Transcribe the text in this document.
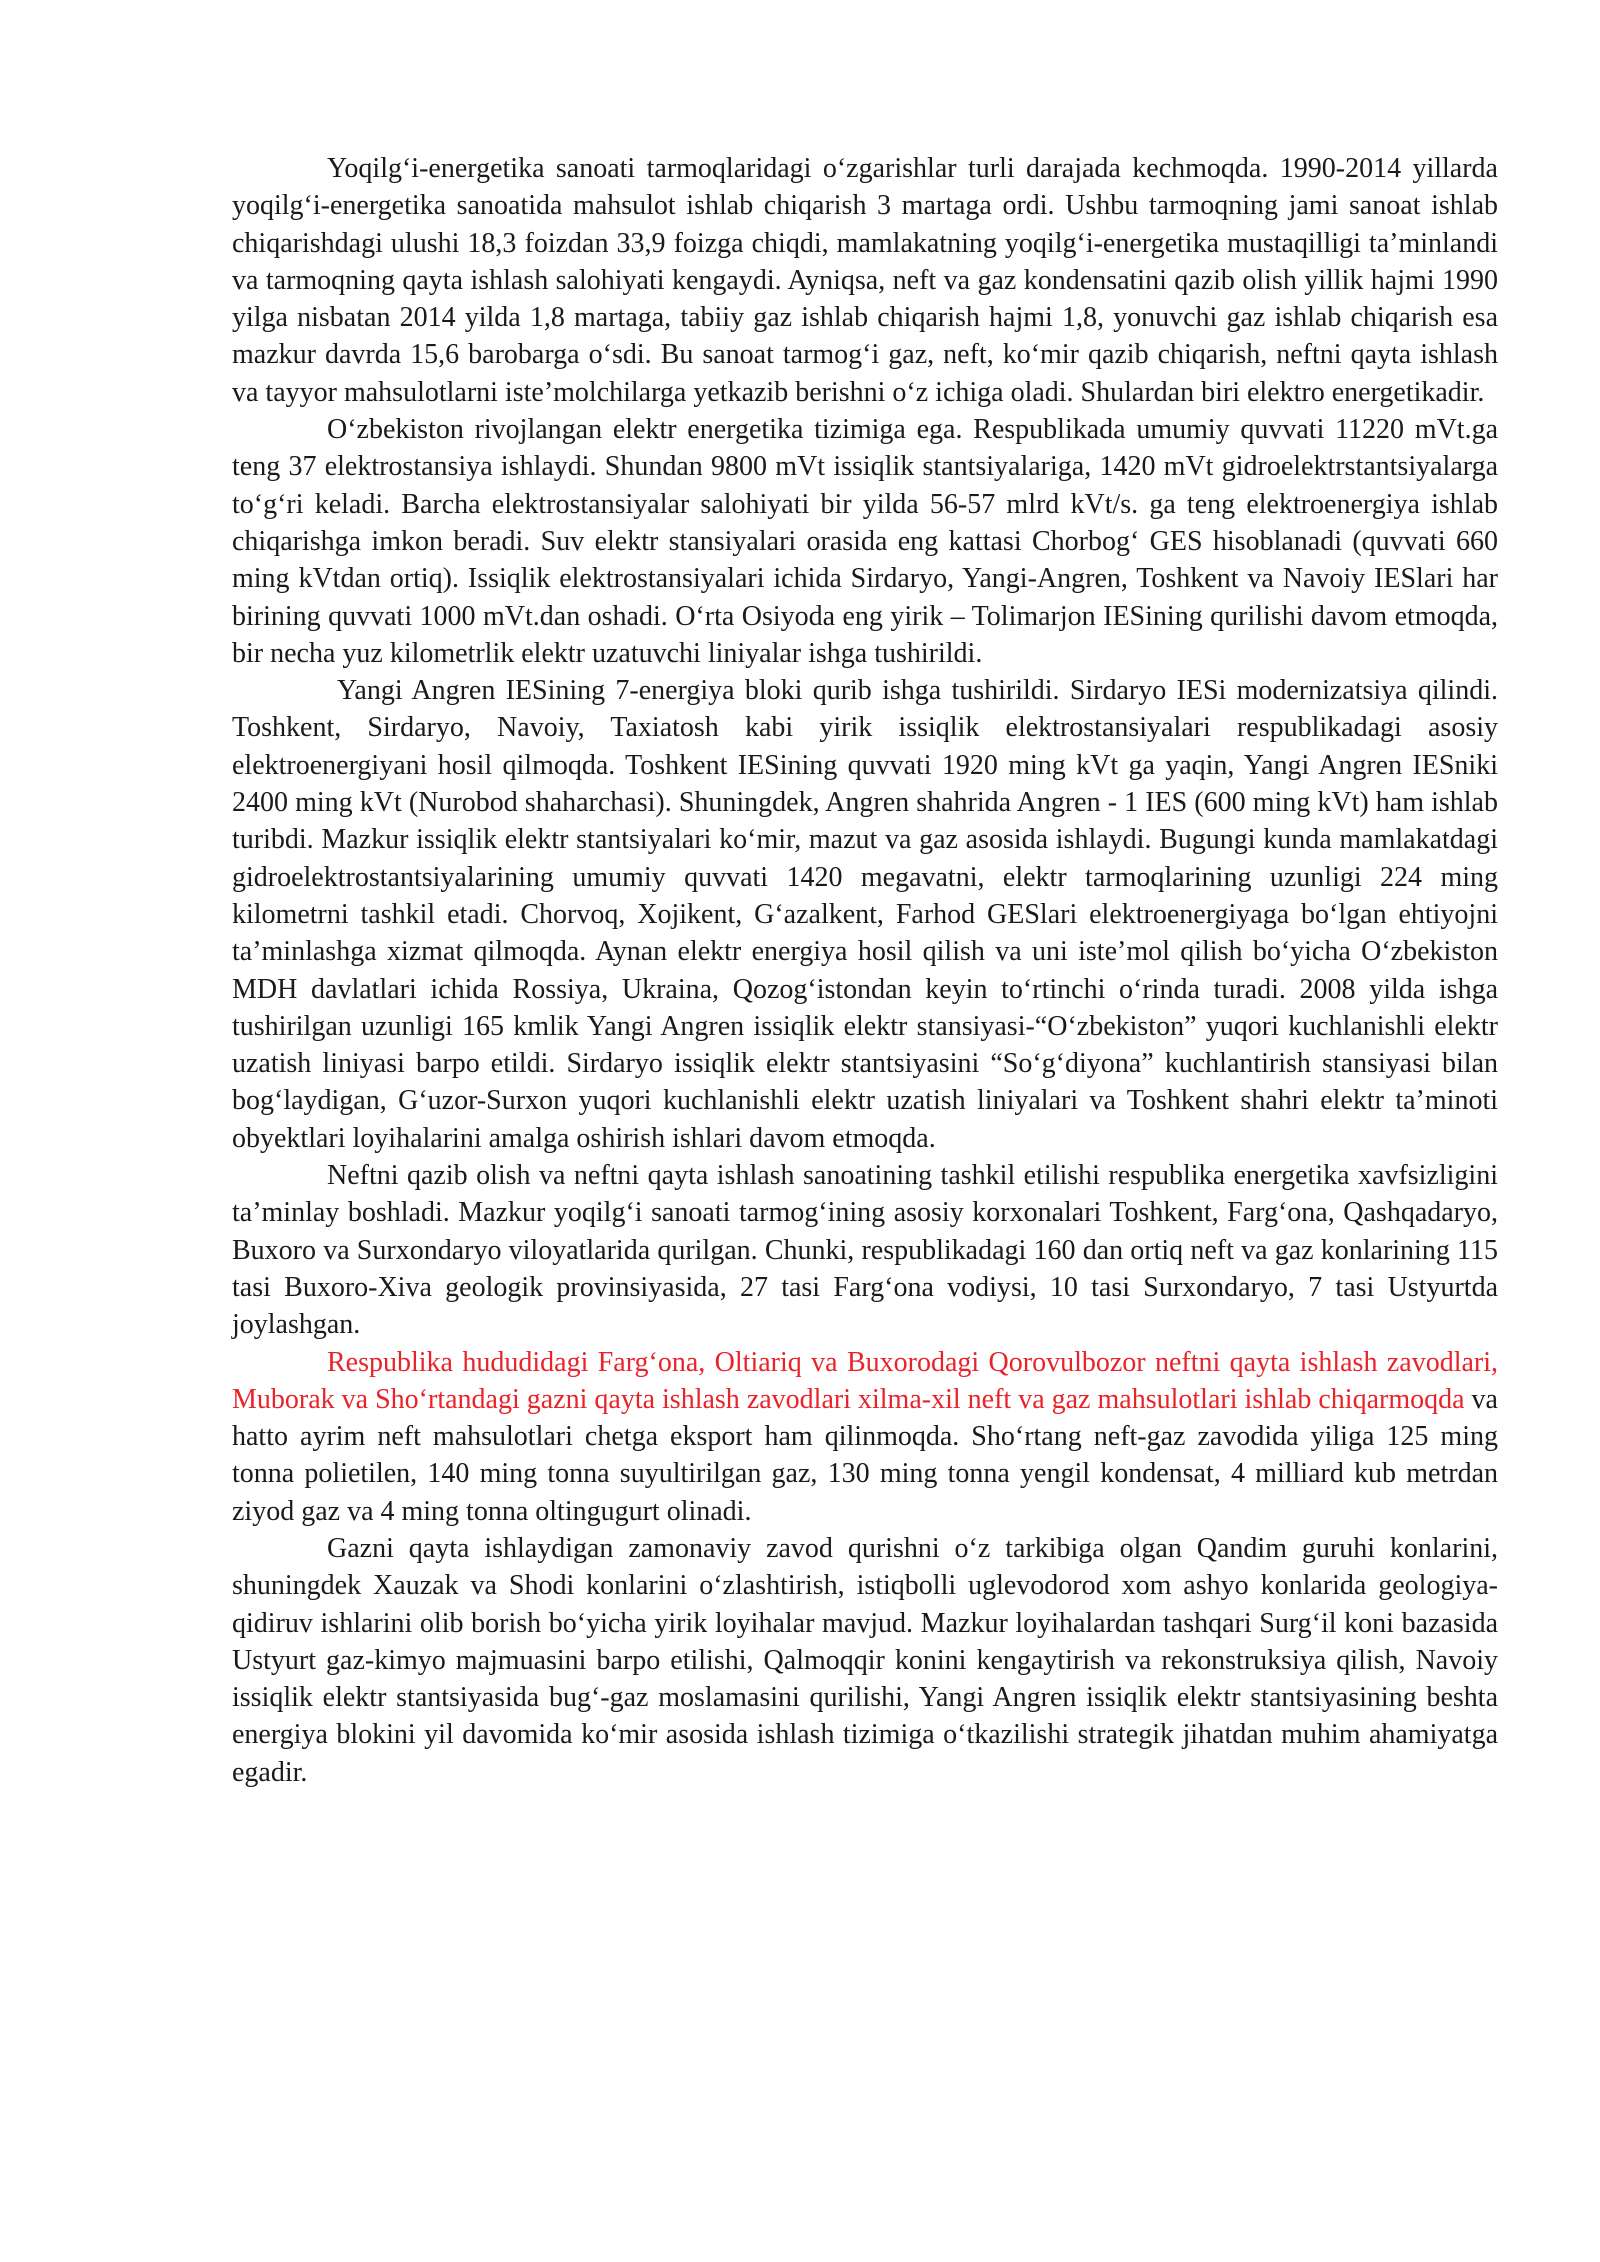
Yoqilg‘i-energetika sanoati tarmoqlaridagi o‘zgarishlar turli darajada kechmoqda. 1990-2014 yillarda yoqilg‘i-energetika sanoatida mahsulot ishlab chiqarish 3 martaga ordi. Ushbu tarmoqning jami sanoat ishlab chiqarishdagi ulushi 18,3 foizdan 33,9 foizga chiqdi, mamlakatning yoqilg‘i-energetika mustaqilligi ta’minlandi va tarmoqning qayta ishlash salohiyati kengaydi. Ayniqsa, neft va gaz kondensatini qazib olish yillik hajmi 1990 yilga nisbatan 2014 yilda 1,8 martaga, tabiiy gaz ishlab chiqarish hajmi 1,8, yonuvchi gaz ishlab chiqarish esa mazkur davrda 15,6 barobarga o‘sdi. Bu sanoat tarmog‘i gaz, neft, ko‘mir qazib chiqarish, neftni qayta ishlash va tayyor mahsulotlarni iste’molchilarga yetkazib berishni o‘z ichiga oladi. Shulardan biri elektro energetikadir.

O‘zbekiston rivojlangan elektr energetika tizimiga ega. Respublikada umumiy quvvati 11220 mVt.ga teng 37 elektrostansiya ishlaydi. Shundan 9800 mVt issiqlik stantsiyalariga, 1420 mVt gidroelektrstantsiyalarga to‘g‘ri keladi. Barcha elektrostansiyalar salohiyati bir yilda 56-57 mlrd kVt/s. ga teng elektroenergiya ishlab chiqarishga imkon beradi. Suv elektr stansiyalari orasida eng kattasi Chorbog‘ GES hisoblanadi (quvvati 660 ming kVtdan ortiq). Issiqlik elektrostansiyalari ichida Sirdaryo, Yangi-Angren, Toshkent va Navoiy IESlari har birining quvvati 1000 mVt.dan oshadi. O‘rta Osiyoda eng yirik – Tolimarjon IESining qurilishi davom etmoqda, bir necha yuz kilometrlik elektr uzatuvchi liniyalar ishga tushirildi.

Yangi Angren IESining 7-energiya bloki qurib ishga tushirildi. Sirdaryo IESi modernizatsiya qilindi. Toshkent, Sirdaryo, Navoiy, Taxiatosh kabi yirik issiqlik elektrostansiyalari respublikadagi asosiy elektroenergiyani hosil qilmoqda. Toshkent IESining quvvati 1920 ming kVt ga yaqin, Yangi Angren IESniki 2400 ming kVt (Nurobod shaharchasi). Shuningdek, Angren shahrida Angren - 1 IES (600 ming kVt) ham ishlab turibdi. Mazkur issiqlik elektr stantsiyalari ko‘mir, mazut va gaz asosida ishlaydi. Bugungi kunda mamlakatdagi gidroelektrostantsiyalarining umumiy quvvati 1420 megavatni, elektr tarmoqlarining uzunligi 224 ming kilometrni tashkil etadi. Chorvoq, Xojikent, G‘azalkent, Farhod GESlari elektroenergiyaga bo‘lgan ehtiyojni ta’minlashga xizmat qilmoqda. Aynan elektr energiya hosil qilish va uni iste’mol qilish bo‘yicha O‘zbekiston MDH davlatlari ichida Rossiya, Ukraina, Qozog‘istondan keyin to‘rtinchi o‘rinda turadi. 2008 yilda ishga tushirilgan uzunligi 165 kmlik Yangi Angren issiqlik elektr stansiyasi-“O‘zbekiston” yuqori kuchlanishli elektr uzatish liniyasi barpo etildi. Sirdaryo issiqlik elektr stantsiyasini “So‘g‘diyona” kuchlantirish stansiyasi bilan bog‘laydigan, G‘uzor-Surxon yuqori kuchlanishli elektr uzatish liniyalari va Toshkent shahri elektr ta’minoti obyektlari loyihalarini amalga oshirish ishlari davom etmoqda.

Neftni qazib olish va neftni qayta ishlash sanoatining tashkil etilishi respublika energetika xavfsizligini ta’minlay boshladi. Mazkur yoqilg‘i sanoati tarmog‘ining asosiy korxonalari Toshkent, Farg‘ona, Qashqadaryo, Buxoro va Surxondaryo viloyatlarida qurilgan. Chunki, respublikadagi 160 dan ortiq neft va gaz konlarining 115 tasi Buxoro-Xiva geologik provinsiyasida, 27 tasi Farg‘ona vodiysi, 10 tasi Surxondaryo, 7 tasi Ustyurtda joylashgan.

Respublika hududidagi Farg‘ona, Oltiariq va Buxorodagi Qorovulbozor neftni qayta ishlash zavodlari, Muborak va Sho‘rtandagi gazni qayta ishlash zavodlari xilma-xil neft va gaz mahsulotlari ishlab chiqarmoqda va hatto ayrim neft mahsulotlari chetga eksport ham qilinmoqda. Sho‘rtang neft-gaz zavodida yiliga 125 ming tonna polietilen, 140 ming tonna suyultirilgan gaz, 130 ming tonna yengil kondensat, 4 milliard kub metrdan ziyod gaz va 4 ming tonna oltingugurt olinadi.

Gazni qayta ishlaydigan zamonaviy zavod qurishni o‘z tarkibiga olgan Qandim guruhi konlarini, shuningdek Xauzak va Shodi konlarini o‘zlashtirish, istiqbolli uglevodorod xom ashyo konlarida geologiya-qidiruv ishlarini olib borish bo‘yicha yirik loyihalar mavjud. Mazkur loyihalardan tashqari Surg‘il koni bazasida Ustyurt gaz-kimyo majmuasini barpo etilishi, Qalmoqqir konini kengaytirish va rekonstruksiya qilish, Navoiy issiqlik elektr stantsiyasida bug‘-gaz moslamasini qurilishi, Yangi Angren issiqlik elektr stantsiyasining beshta energiya blokini yil davomida ko‘mir asosida ishlash tizimiga o‘tkazilishi strategik jihatdan muhim ahamiyatga egadir.
